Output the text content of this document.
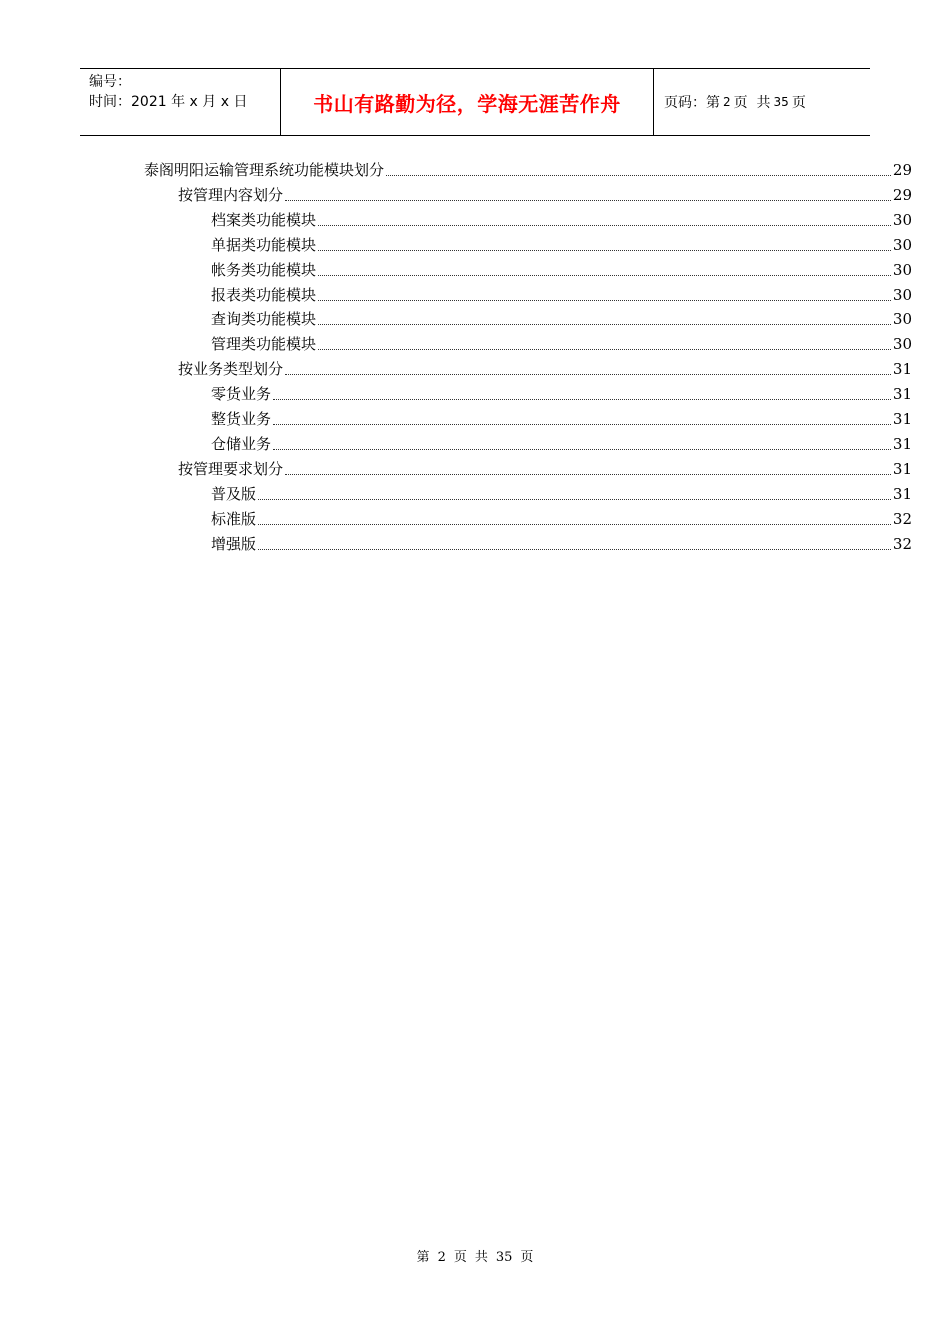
编号：
时间：2021 年 x 月 x 日	书山有路勤为径，学海无涯苦作舟	页码：第 2 页  共 35 页
泰阁明阳运输管理系统功能模块划分	29
按管理内容划分	29
档案类功能模块	30
单据类功能模块	30
帐务类功能模块	30
报表类功能模块	30
查询类功能模块	30
管理类功能模块	30
按业务类型划分	31
零货业务	31
整货业务	31
仓储业务	31
按管理要求划分	31
普及版	31
标准版	32
增强版	32
第 2 页 共 35 页
